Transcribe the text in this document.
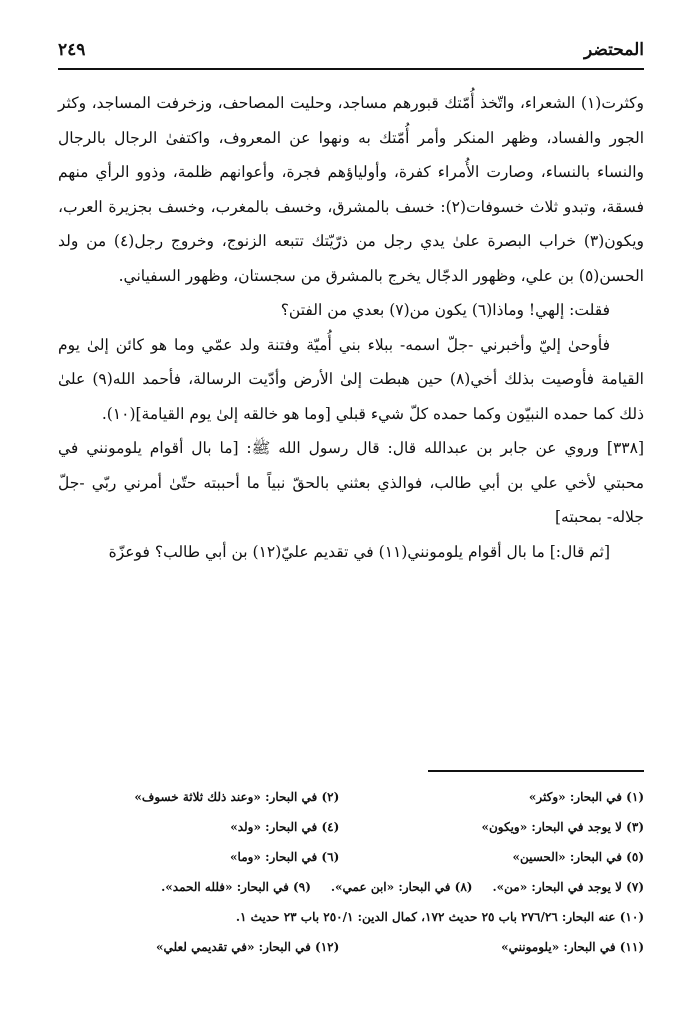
المحتضر
٢٤٩

وكثرت(١) الشعراء، واتّخذ أُمّتك قبورهم مساجد، وحليت المصاحف، وزخرفت المساجد، وكثر الجور والفساد، وظهر المنكر وأمر أُمّتك به ونهوا عن المعروف، واكتفىٰ الرجال بالرجال والنساء بالنساء، وصارت الأُمراء كفرة، وأولياؤهم فجرة، وأعوانهم ظلمة، وذوو الرأي منهم فسقة، وتبدو ثلاث خسوفات(٢): خسف بالمشرق، وخسف بالمغرب، وخسف بجزيرة العرب، ويكون(٣) خراب البصرة علىٰ يدي رجل من ذرّيّتك تتبعه الزنوج، وخروج رجل(٤) من ولد الحسن(٥) بن علي، وظهور الدجّال يخرج بالمشرق من سجستان، وظهور السفياني.

فقلت: إلهي! وماذا(٦) يكون من(٧) بعدي من الفتن؟

فأوحىٰ إليّ وأخبرني -جلّ اسمه- ببلاء بني أُميّة وفتنة ولد عمّي وما هو كائن إلىٰ يوم القيامة فأوصيت بذلك أخي(٨) حين هبطت إلىٰ الأرض وأدّيت الرسالة، فأحمد الله(٩) علىٰ ذلك كما حمده النبيّون وكما حمده كلّ شيء قبلي [وما هو خالقه إلىٰ يوم القيامة](١٠).

[٣٣٨] وروي عن جابر بن عبدالله قال: قال رسول الله ﷺ: [ما بال أقوام يلومونني في محبتي لأخي علي بن أبي طالب، فوالذي بعثني بالحقّ نبياً ما أحببته حتّىٰ أمرني ربّي -جلّ جلاله- بمحبته]

[ثم قال:] ما بال أقوام يلومونني(١١) في تقديم عليّ(١٢) بن أبي طالب؟ فوعزّة

(١) في البحار: «وكثر»
(٢) في البحار: «وعند ذلك ثلاثة خسوف»
(٣) لا يوجد في البحار: «ويكون»
(٤) في البحار: «ولد»
(٥) في البحار: «الحسين»
(٦) في البحار: «وما»
(٧) لا يوجد في البحار: «من».
(٨) في البحار: «ابن عمي».
(٩) في البحار: «فلله الحمد».
(١٠) عنه البحار: ٢٧٦/٢٦ باب ٢٥ حديث ١٧٢، كمال الدين: ٢٥٠/١ باب ٢٣ حديث ١.
(١١) في البحار: «يلومونني»
(١٢) في البحار: «في تقديمي لعلي»
